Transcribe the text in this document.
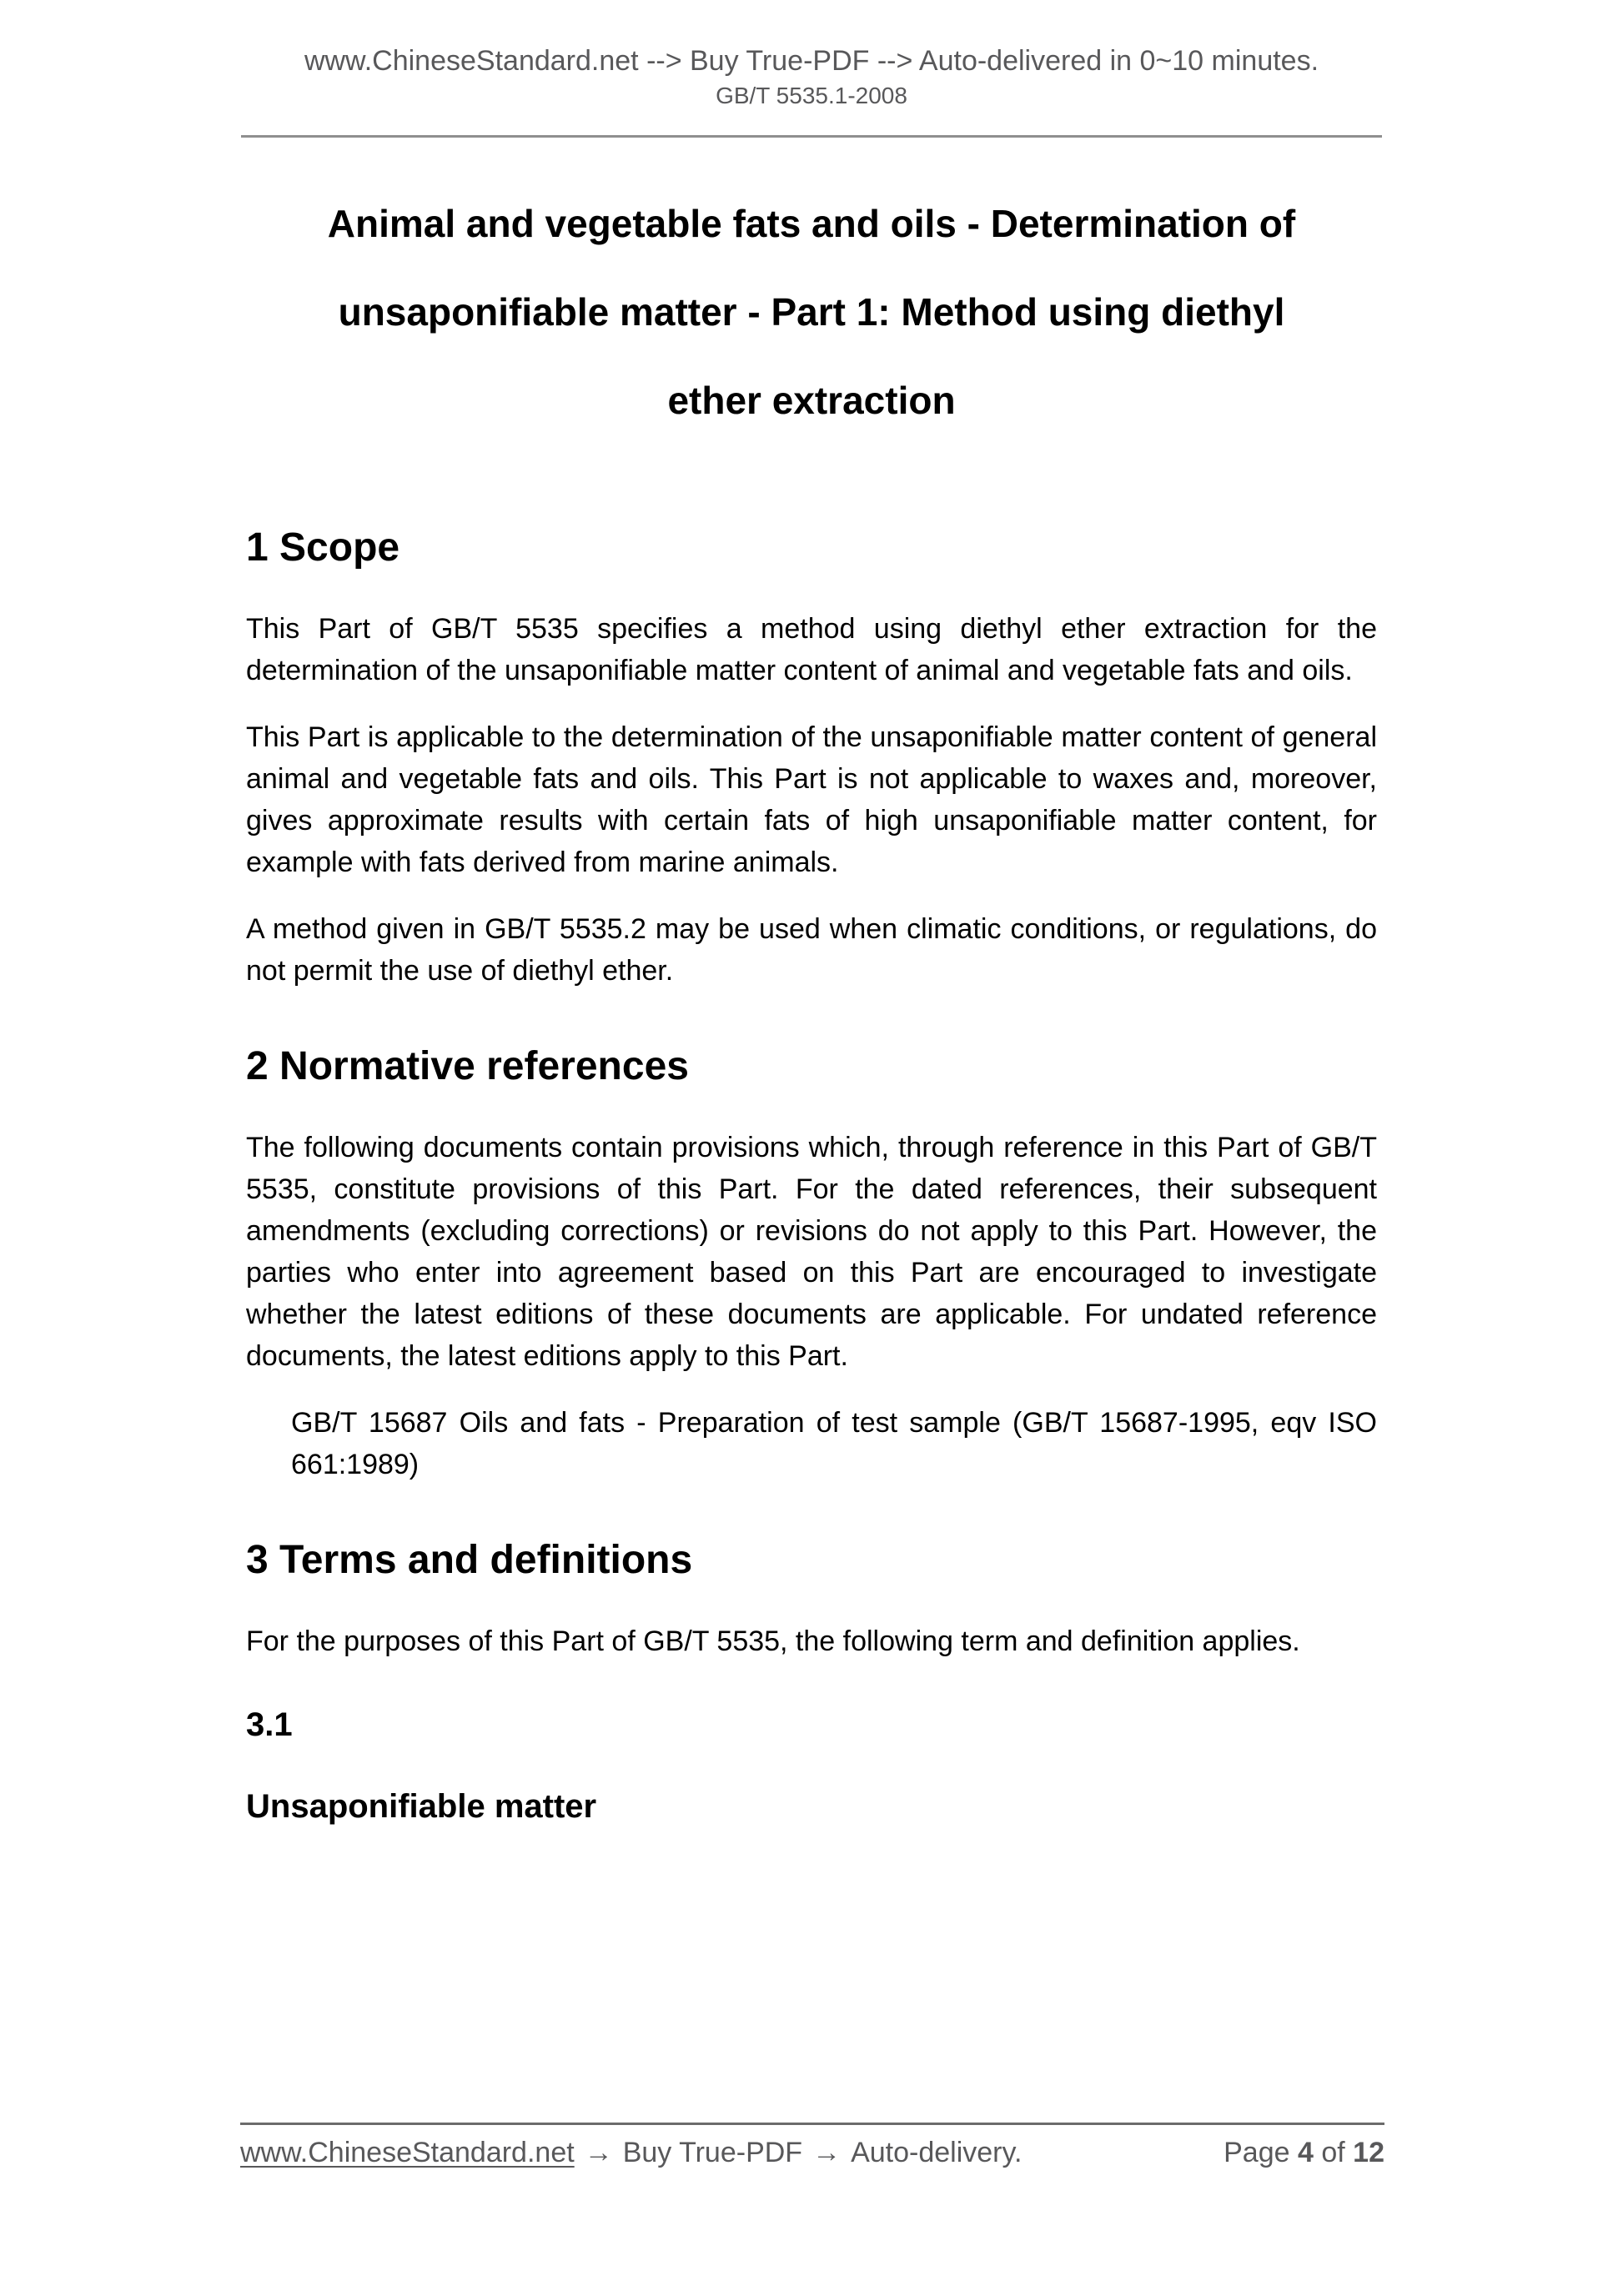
www.ChineseStandard.net --> Buy True-PDF --> Auto-delivered in 0~10 minutes.
GB/T 5535.1-2008
Animal and vegetable fats and oils - Determination of
unsaponifiable matter - Part 1: Method using diethyl
ether extraction
1 Scope

This Part of GB/T 5535 specifies a method using diethyl ether extraction for the determination of the unsaponifiable matter content of animal and vegetable fats and oils.

This Part is applicable to the determination of the unsaponifiable matter content of general animal and vegetable fats and oils. This Part is not applicable to waxes and, moreover, gives approximate results with certain fats of high unsaponifiable matter content, for example with fats derived from marine animals.

A method given in GB/T 5535.2 may be used when climatic conditions, or regulations, do not permit the use of diethyl ether.

2 Normative references

The following documents contain provisions which, through reference in this Part of GB/T 5535, constitute provisions of this Part. For the dated references, their subsequent amendments (excluding corrections) or revisions do not apply to this Part. However, the parties who enter into agreement based on this Part are encouraged to investigate whether the latest editions of these documents are applicable. For undated reference documents, the latest editions apply to this Part.

GB/T 15687 Oils and fats - Preparation of test sample (GB/T 15687-1995, eqv ISO 661:1989)

3 Terms and definitions

For the purposes of this Part of GB/T 5535, the following term and definition applies.

3.1
Unsaponifiable matter
www.ChineseStandard.net → Buy True-PDF → Auto-delivery.	Page 4 of 12
